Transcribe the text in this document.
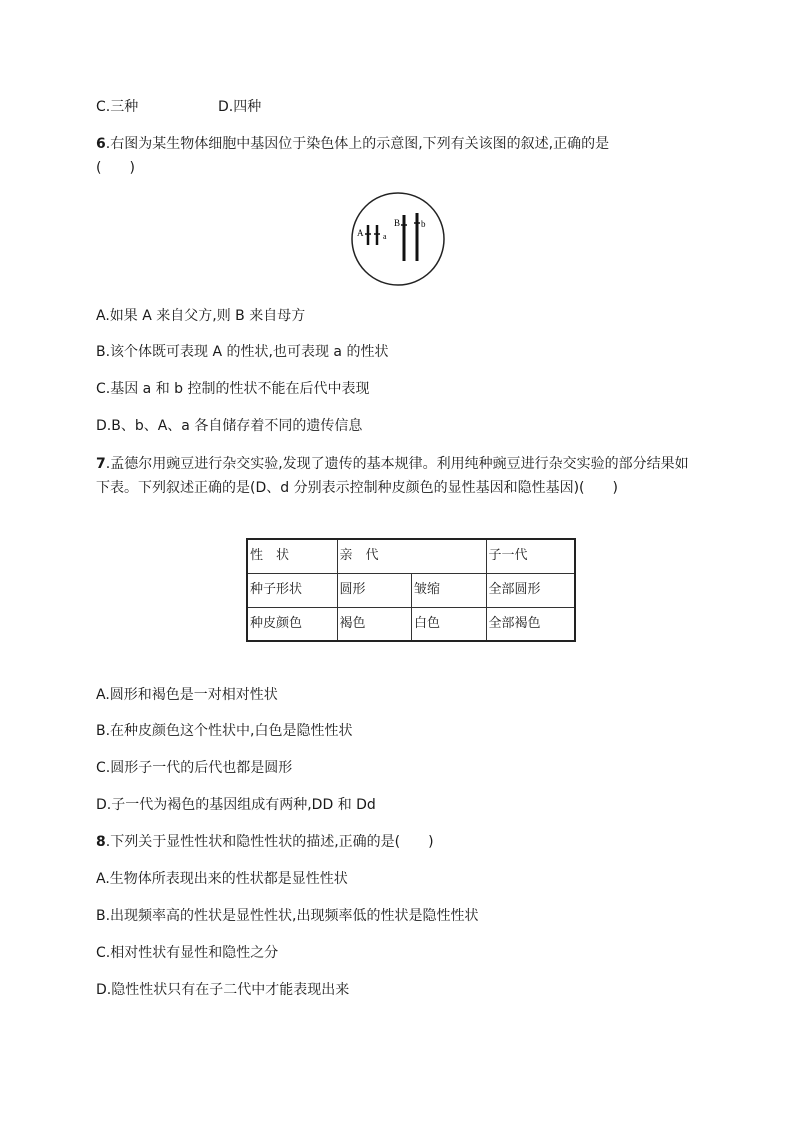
C.三种	D.四种
6.右图为某生物体细胞中基因位于染色体上的示意图,下列有关该图的叙述,正确的是
(　　)
A a
B b
A.如果 A 来自父方,则 B 来自母方
B.该个体既可表现 A 的性状,也可表现 a 的性状
C.基因 a 和 b 控制的性状不能在后代中表现
D.B、b、A、a 各自储存着不同的遗传信息
7.孟德尔用豌豆进行杂交实验,发现了遗传的基本规律。利用纯种豌豆进行杂交实验的部分结果如下表。下列叙述正确的是(D、d 分别表示控制种皮颜色的显性基因和隐性基因)(　　)
性　状	亲　代		子一代
种子形状	圆形	皱缩	全部圆形
种皮颜色	褐色	白色	全部褐色
A.圆形和褐色是一对相对性状
B.在种皮颜色这个性状中,白色是隐性性状
C.圆形子一代的后代也都是圆形
D.子一代为褐色的基因组成有两种,DD 和 Dd
8.下列关于显性性状和隐性性状的描述,正确的是(　　)
A.生物体所表现出来的性状都是显性性状
B.出现频率高的性状是显性性状,出现频率低的性状是隐性性状
C.相对性状有显性和隐性之分
D.隐性性状只有在子二代中才能表现出来
